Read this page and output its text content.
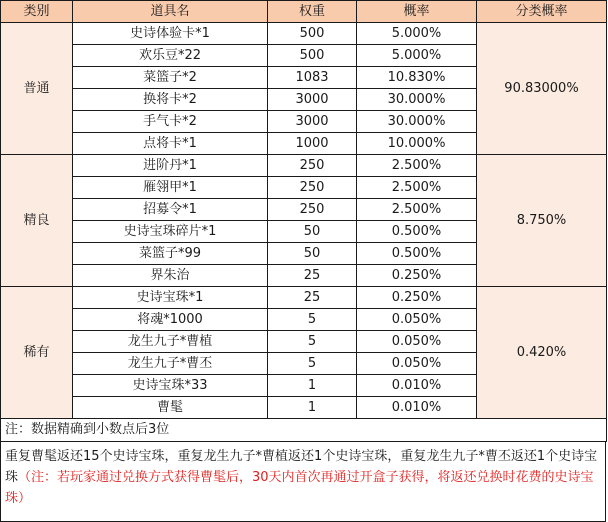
类别	道具名	权重	概率	分类概率
普通	史诗体验卡*1	500	5.000%	90.83000%
	欢乐豆*22	500	5.000%	
	菜篮子*2	1083	10.830%	
	换将卡*2	3000	30.000%	
	手气卡*2	3000	30.000%	
	点将卡*1	1000	10.000%	
精良	进阶丹*1	250	2.500%	8.750%
	雁翎甲*1	250	2.500%	
	招募令*1	250	2.500%	
	史诗宝珠碎片*1	50	0.500%	
	菜篮子*99	50	0.500%	
	界朱治	25	0.250%	
稀有	史诗宝珠*1	25	0.250%	0.420%
	将魂*1000	5	0.050%	
	龙生九子*曹植	5	0.050%	
	龙生九子*曹丕	5	0.050%	
	史诗宝珠*33	1	0.010%	
	曹髦	1	0.010%	
注：数据精确到小数点后3位				
重复曹髦返还15个史诗宝珠，重复龙生九子*曹植返还1个史诗宝珠，重复龙生九子*曹丕返还1个史诗宝珠（注：若玩家通过兑换方式获得曹髦后，30天内首次再通过开盒子获得，将返还兑换时花费的史诗宝珠）
